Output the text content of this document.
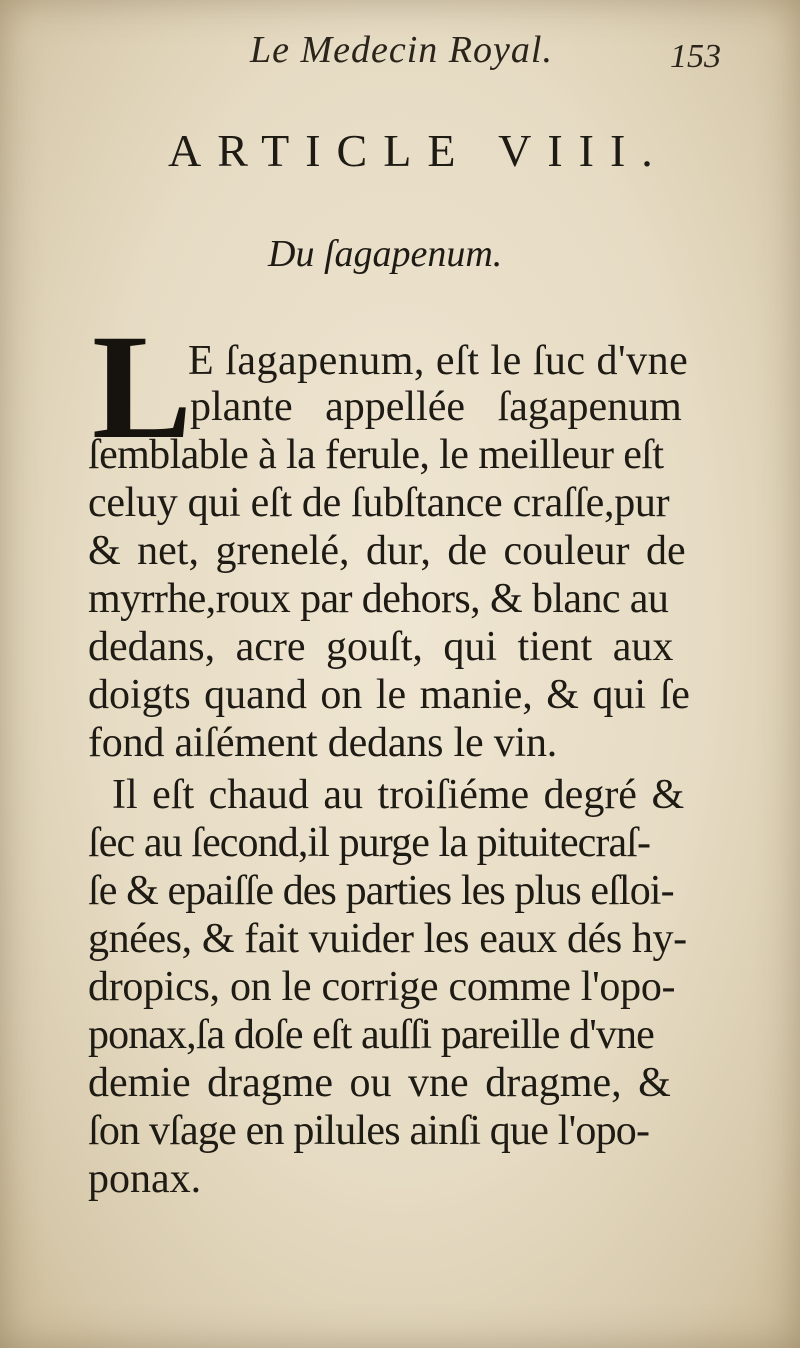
Le Medecin Royal.	153
ARTICLE VIII.
Du ſagapenum.
L
E ſagapenum, eſt le ſuc d'vne
plante appellée ſagapenum
ſemblable à la ferule, le meilleur eſt
celuy qui eſt de ſubſtance craſſe,pur
& net, grenelé, dur, de couleur de
myrrhe,roux par dehors, & blanc au
dedans, acre gouſt, qui tient aux
doigts quand on le manie, & qui ſe
fond aiſément dedans le vin.
Il eſt chaud au troiſiéme degré &
ſec au ſecond,il purge la pituitecraſ-
ſe & epaiſſe des parties les plus eſloi-
gnées, & fait vuider les eaux dés hy-
dropics, on le corrige comme l'opo-
ponax,ſa doſe eſt auſſi pareille d'vne
demie dragme ou vne dragme, &
ſon vſage en pilules ainſi que l'opo-
ponax.
